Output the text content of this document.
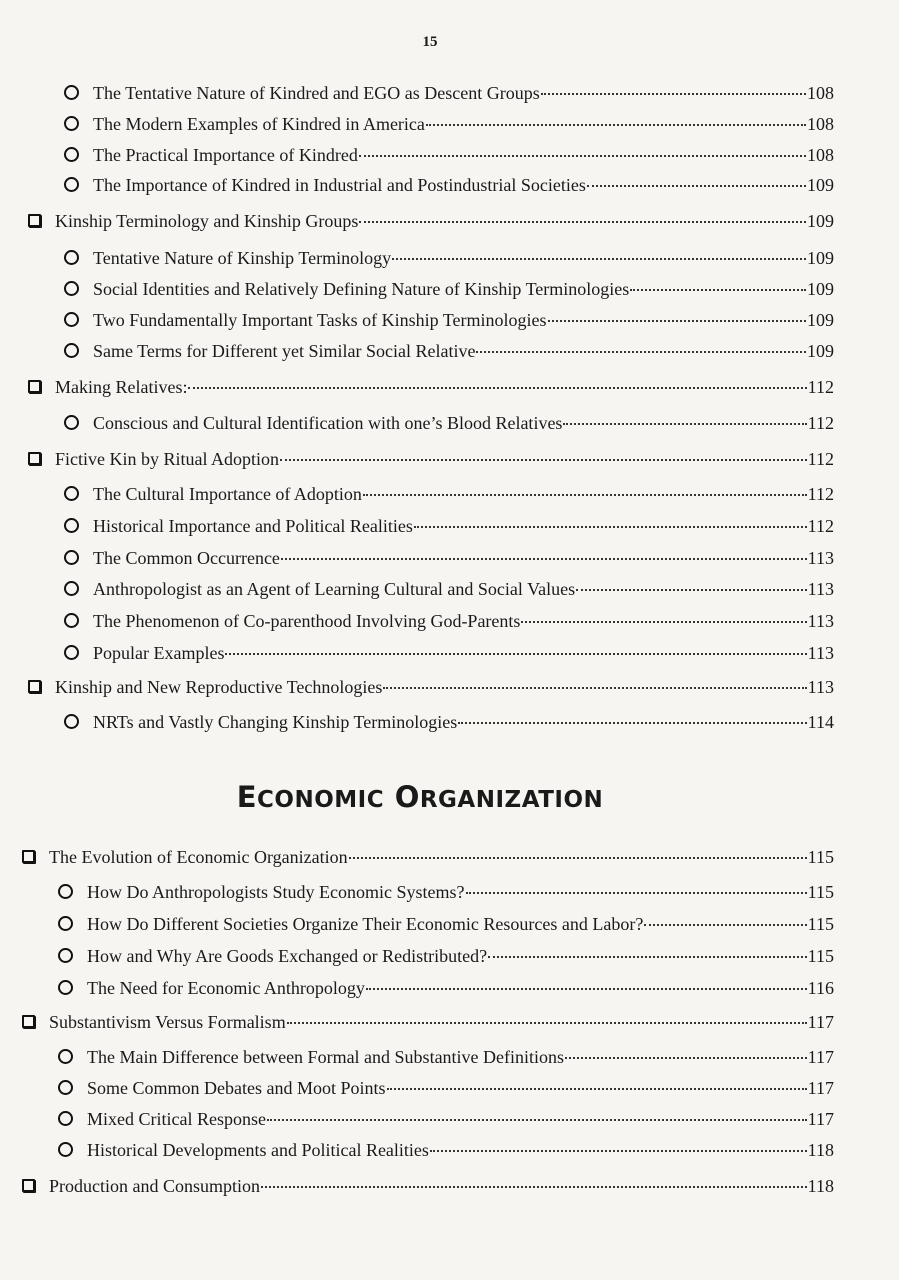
15
The Tentative Nature of Kindred and EGO as Descent Groups	108
The Modern Examples of Kindred in America	108
The Practical Importance of Kindred	108
The Importance of Kindred in Industrial and Postindustrial Societies	109
Kinship Terminology and Kinship Groups	109
Tentative Nature of Kinship Terminology	109
Social Identities and Relatively Defining Nature of Kinship Terminologies	109
Two Fundamentally Important Tasks of Kinship Terminologies	109
Same Terms for Different yet Similar Social Relative	109
Making Relatives:	112
Conscious and Cultural Identification with one’s Blood Relatives	112
Fictive Kin by Ritual Adoption	112
The Cultural Importance of Adoption	112
Historical Importance and Political Realities	112
The Common Occurrence	113
Anthropologist as an Agent of Learning Cultural and Social Values	113
The Phenomenon of Co-parenthood Involving God-Parents	113
Popular Examples	113
Kinship and New Reproductive Technologies	113
NRTs and Vastly Changing Kinship Terminologies	114
The Evolution of Economic Organization	115
How Do Anthropologists Study Economic Systems?	115
How Do Different Societies Organize Their Economic Resources and Labor?	115
How and Why Are Goods Exchanged or Redistributed?	115
The Need for Economic Anthropology	116
Substantivism Versus Formalism	117
The Main Difference between Formal and Substantive Definitions	117
Some Common Debates and Moot Points	117
Mixed Critical Response	117
Historical Developments and Political Realities	118
Production and Consumption	118
ECONOMIC ORGANIZATION
